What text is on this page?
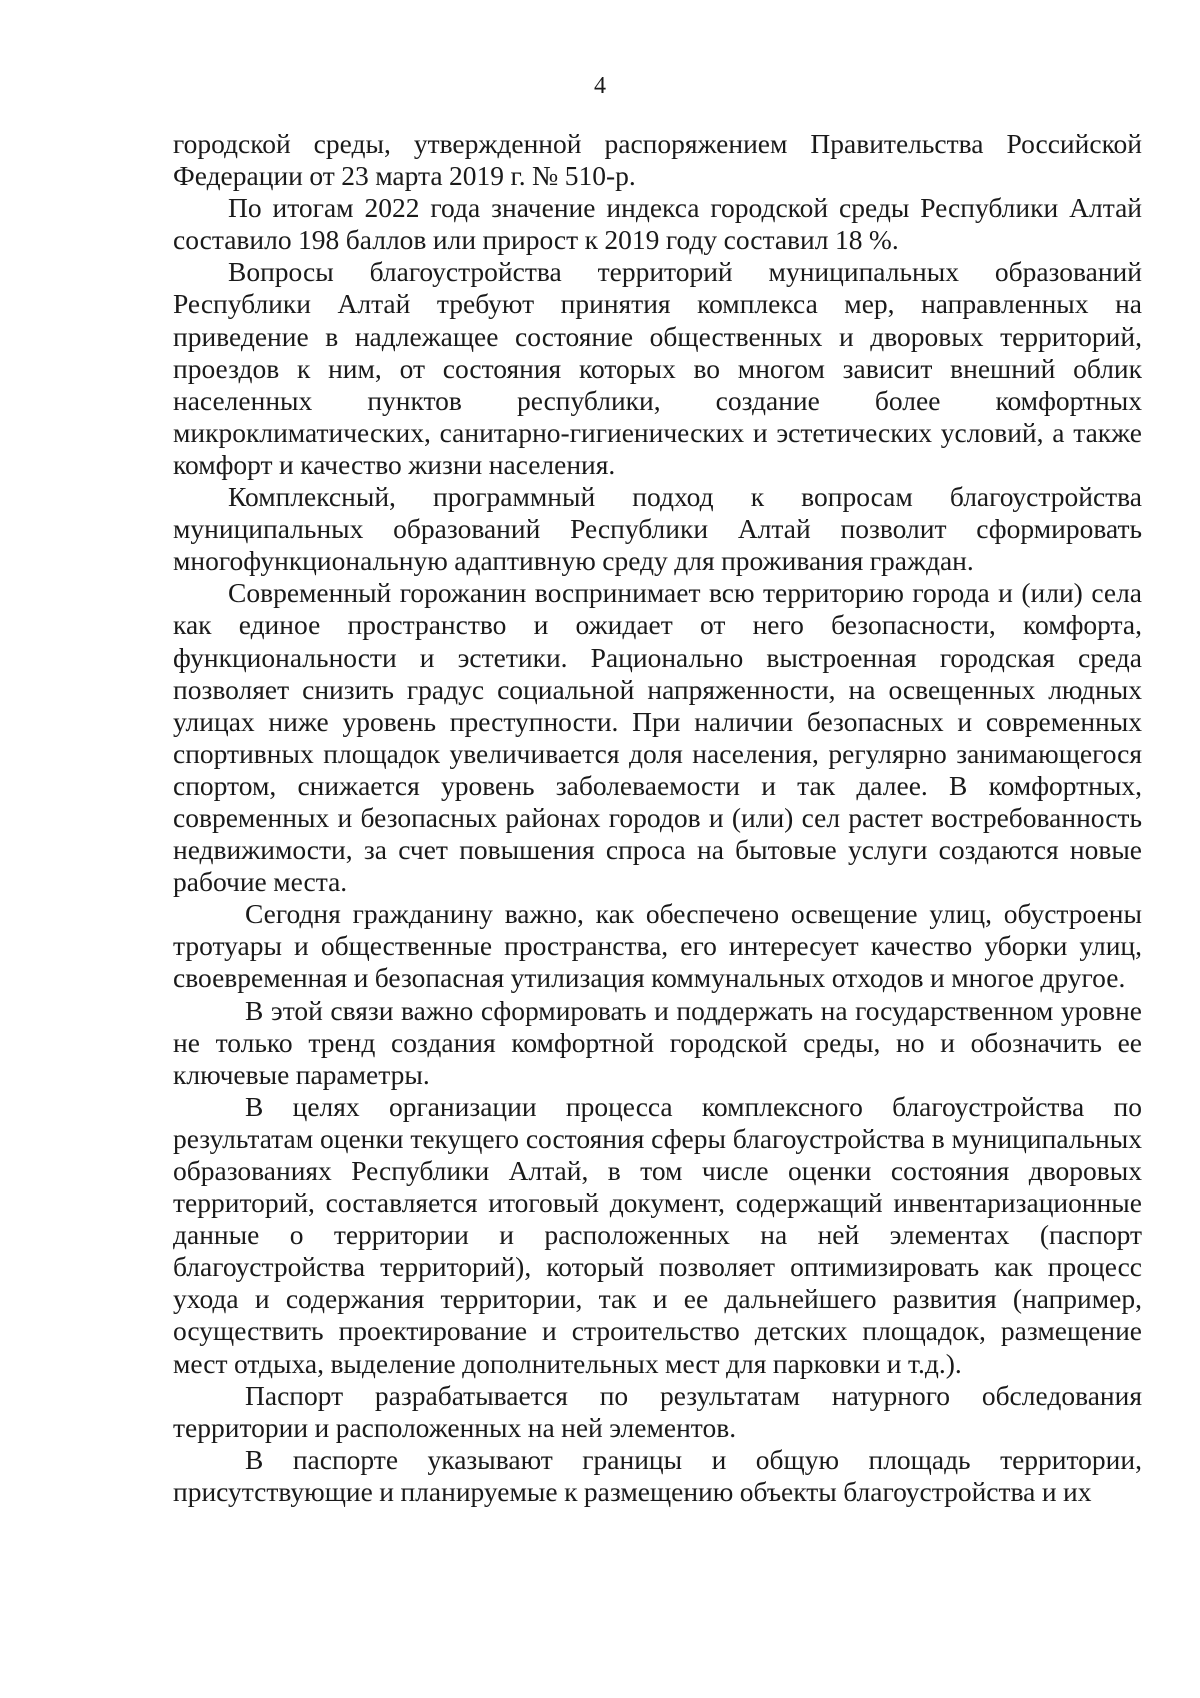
4

городской среды, утвержденной распоряжением Правительства Российской Федерации от 23 марта 2019 г. № 510-р.

По итогам 2022 года значение индекса городской среды Республики Алтай составило 198 баллов или прирост к 2019 году составил 18 %.

Вопросы благоустройства территорий муниципальных образований Республики Алтай требуют принятия комплекса мер, направленных на приведение в надлежащее состояние общественных и дворовых территорий, проездов к ним, от состояния которых во многом зависит внешний облик населенных пунктов республики, создание более комфортных микроклиматических, санитарно-гигиенических и эстетических условий, а также комфорт и качество жизни населения.

Комплексный, программный подход к вопросам благоустройства муниципальных образований Республики Алтай позволит сформировать многофункциональную адаптивную среду для проживания граждан.

Современный горожанин воспринимает всю территорию города и (или) села как единое пространство и ожидает от него безопасности, комфорта, функциональности и эстетики. Рационально выстроенная городская среда позволяет снизить градус социальной напряженности, на освещенных людных улицах ниже уровень преступности. При наличии безопасных и современных спортивных площадок увеличивается доля населения, регулярно занимающегося спортом, снижается уровень заболеваемости и так далее. В комфортных, современных и безопасных районах городов и (или) сел растет востребованность недвижимости, за счет повышения спроса на бытовые услуги создаются новые рабочие места.

Сегодня гражданину важно, как обеспечено освещение улиц, обустроены тротуары и общественные пространства, его интересует качество уборки улиц, своевременная и безопасная утилизация коммунальных отходов и многое другое.

В этой связи важно сформировать и поддержать на государственном уровне не только тренд создания комфортной городской среды, но и обозначить ее ключевые параметры.

В целях организации процесса комплексного благоустройства по результатам оценки текущего состояния сферы благоустройства в муниципальных образованиях Республики Алтай, в том числе оценки состояния дворовых территорий, составляется итоговый документ, содержащий инвентаризационные данные о территории и расположенных на ней элементах (паспорт благоустройства территорий), который позволяет оптимизировать как процесс ухода и содержания территории, так и ее дальнейшего развития (например, осуществить проектирование и строительство детских площадок, размещение мест отдыха, выделение дополнительных мест для парковки и т.д.).

Паспорт разрабатывается по результатам натурного обследования территории и расположенных на ней элементов.

В паспорте указывают границы и общую площадь территории, присутствующие и планируемые к размещению объекты благоустройства и их
